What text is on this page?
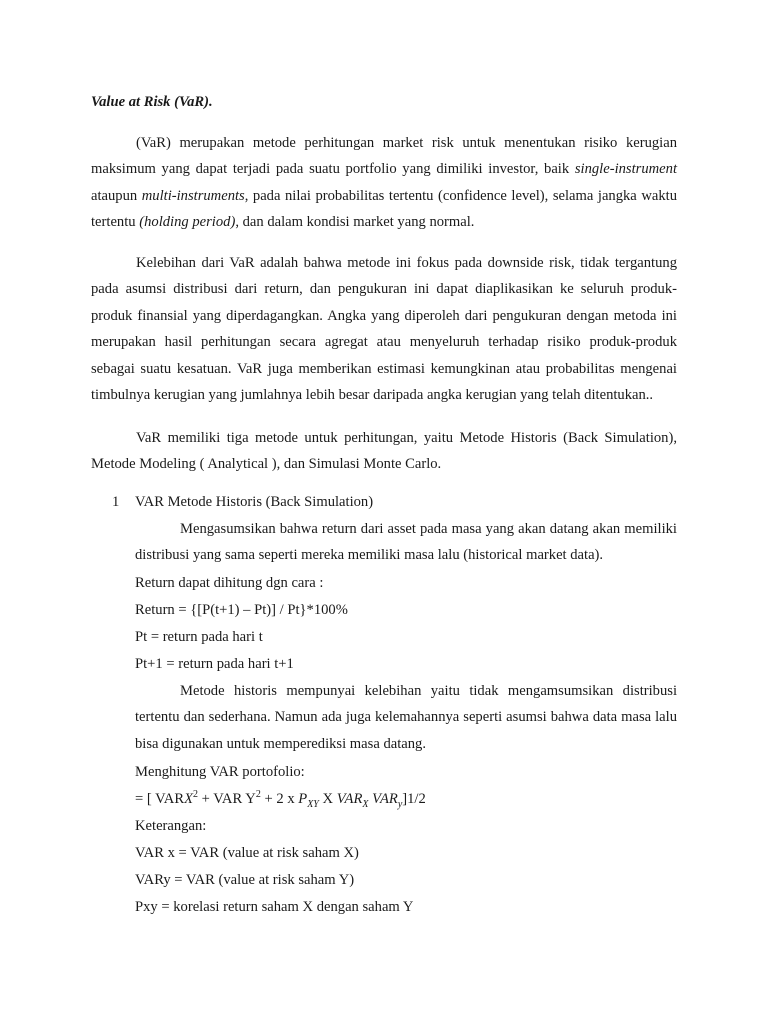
Value at Risk (VaR).

(VaR) merupakan metode perhitungan market risk untuk menentukan risiko kerugian maksimum yang dapat terjadi pada suatu portfolio yang dimiliki investor, baik single-instrument ataupun multi-instruments, pada nilai probabilitas tertentu (confidence level), selama jangka waktu tertentu (holding period), dan dalam kondisi market yang normal.

Kelebihan dari VaR adalah bahwa metode ini fokus pada downside risk, tidak tergantung pada asumsi distribusi dari return, dan pengukuran ini dapat diaplikasikan ke seluruh produk-produk finansial yang diperdagangkan. Angka yang diperoleh dari pengukuran dengan metoda ini merupakan hasil perhitungan secara agregat atau menyeluruh terhadap risiko produk-produk sebagai suatu kesatuan. VaR juga memberikan estimasi kemungkinan atau probabilitas mengenai timbulnya kerugian yang jumlahnya lebih besar daripada angka kerugian yang telah ditentukan..

VaR memiliki tiga metode untuk perhitungan, yaitu Metode Historis (Back Simulation), Metode Modeling ( Analytical ), dan Simulasi Monte Carlo.

1 VAR Metode Historis (Back Simulation)

Mengasumsikan bahwa return dari asset pada masa yang akan datang akan memiliki distribusi yang sama seperti mereka memiliki masa lalu (historical market data).

Return dapat dihitung dgn cara :
Return = {[P(t+1) – Pt)] / Pt}*100%
Pt = return pada hari t
Pt+1 = return pada hari t+1

Metode historis mempunyai kelebihan yaitu tidak mengamsumsikan distribusi tertentu dan sederhana. Namun ada juga kelemahannya seperti asumsi bahwa data masa lalu bisa digunakan untuk memperediksi masa datang.

Menghitung VAR portofolio:
= [ $VARX^2$ + VAR $Y^2 + 2$ x $P_{XY}$ X $VAR_X$ $VAR_y]1/2$
Keterangan:
VAR x = VAR (value at risk saham X)
VARy = VAR (value at risk saham Y)
Pxy = korelasi return saham X dengan saham Y
